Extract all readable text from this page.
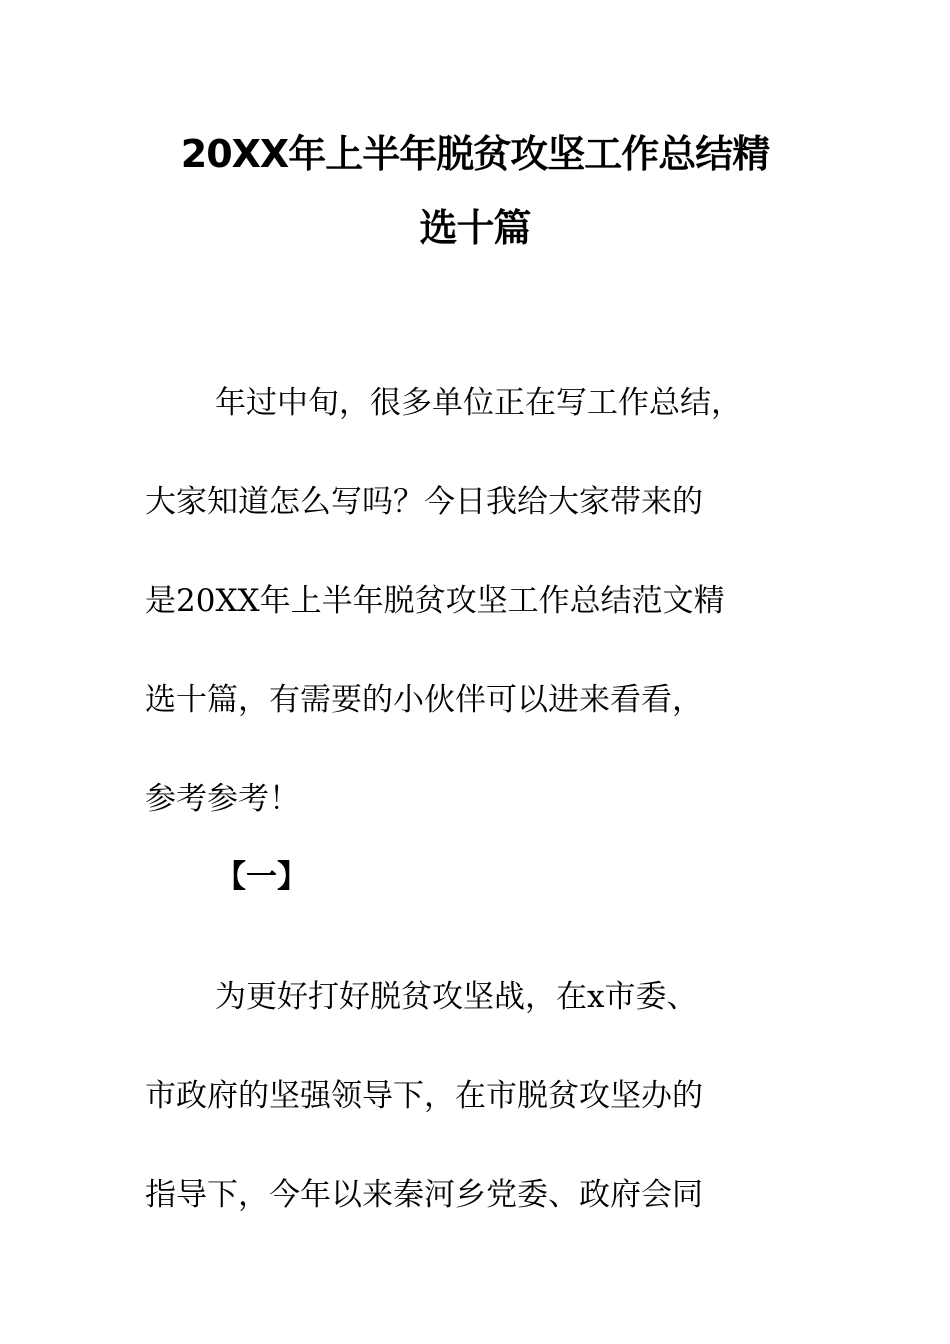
20XX年上半年脱贫攻坚工作总结精
选十篇
年过中旬，很多单位正在写工作总结，
大家知道怎么写吗？今日我给大家带来的
是20XX年上半年脱贫攻坚工作总结范文精
选十篇，有需要的小伙伴可以进来看看，
参考参考！
【一】
为更好打好脱贫攻坚战，在x市委、
市政府的坚强领导下，在市脱贫攻坚办的
指导下，今年以来秦河乡党委、政府会同
